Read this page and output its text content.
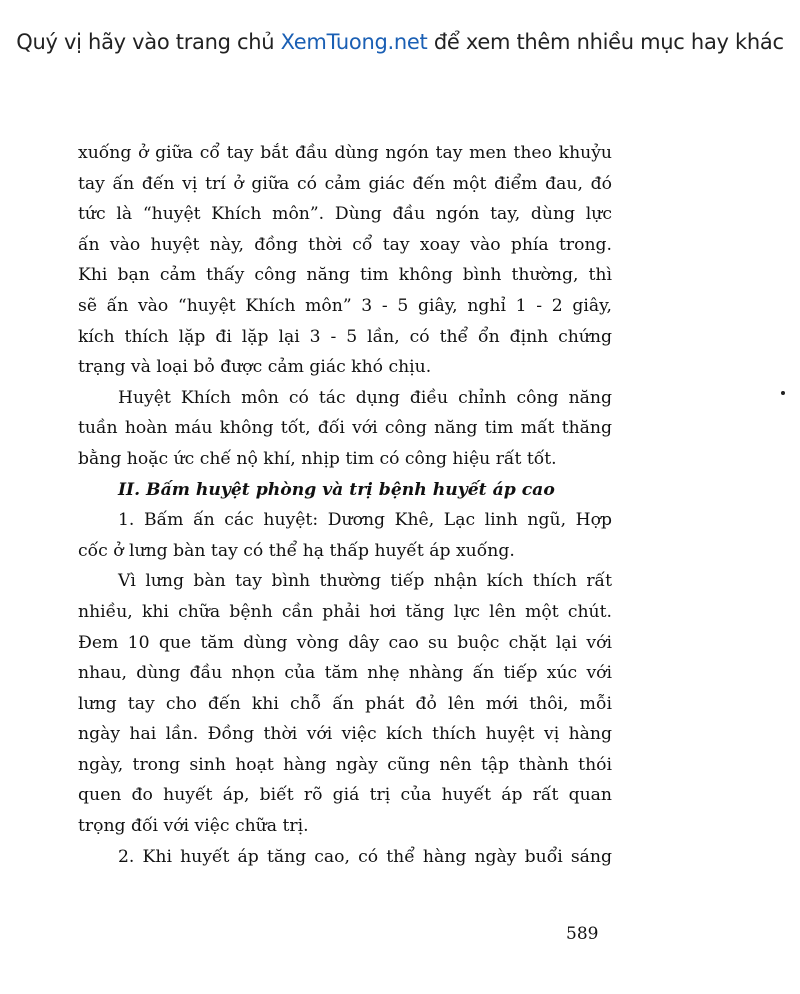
Quý vị hãy vào trang chủ XemTuong.net để xem thêm nhiều mục hay khác
xuống ở giữa cổ tay bắt đầu dùng ngón tay men theo khuỷu
tay ấn đến vị trí ở giữa có cảm giác đến một điểm đau, đó
tức là “huyệt Khích môn”. Dùng đầu ngón tay, dùng lực
ấn vào huyệt này, đồng thời cổ tay xoay vào phía trong.
Khi bạn cảm thấy công năng tim không bình thường, thì
sẽ ấn vào “huyệt Khích môn” 3 - 5 giây, nghỉ 1 - 2 giây,
kích thích lặp đi lặp lại 3 - 5 lần, có thể ổn định chứng
trạng và loại bỏ được cảm giác khó chịu.
Huyệt Khích môn có tác dụng điều chỉnh công năng
tuần hoàn máu không tốt, đối với công năng tim mất thăng
bằng hoặc ức chế nộ khí, nhịp tim có công hiệu rất tốt.
II. Bấm huyệt phòng và trị bệnh huyết áp cao
1. Bấm ấn các huyệt: Dương Khê, Lạc linh ngũ, Hợp
cốc ở lưng bàn tay có thể hạ thấp huyết áp xuống.
Vì lưng bàn tay bình thường tiếp nhận kích thích rất
nhiều, khi chữa bệnh cần phải hơi tăng lực lên một chút.
Đem 10 que tăm dùng vòng dây cao su buộc chặt lại với
nhau, dùng đầu nhọn của tăm nhẹ nhàng ấn tiếp xúc với
lưng tay cho đến khi chỗ ấn phát đỏ lên mới thôi, mỗi
ngày hai lần. Đồng thời với việc kích thích huyệt vị hàng
ngày, trong sinh hoạt hàng ngày cũng nên tập thành thói
quen đo huyết áp, biết rõ giá trị của huyết áp rất quan
trọng đối với việc chữa trị.
2. Khi huyết áp tăng cao, có thể hàng ngày buổi sáng
589
